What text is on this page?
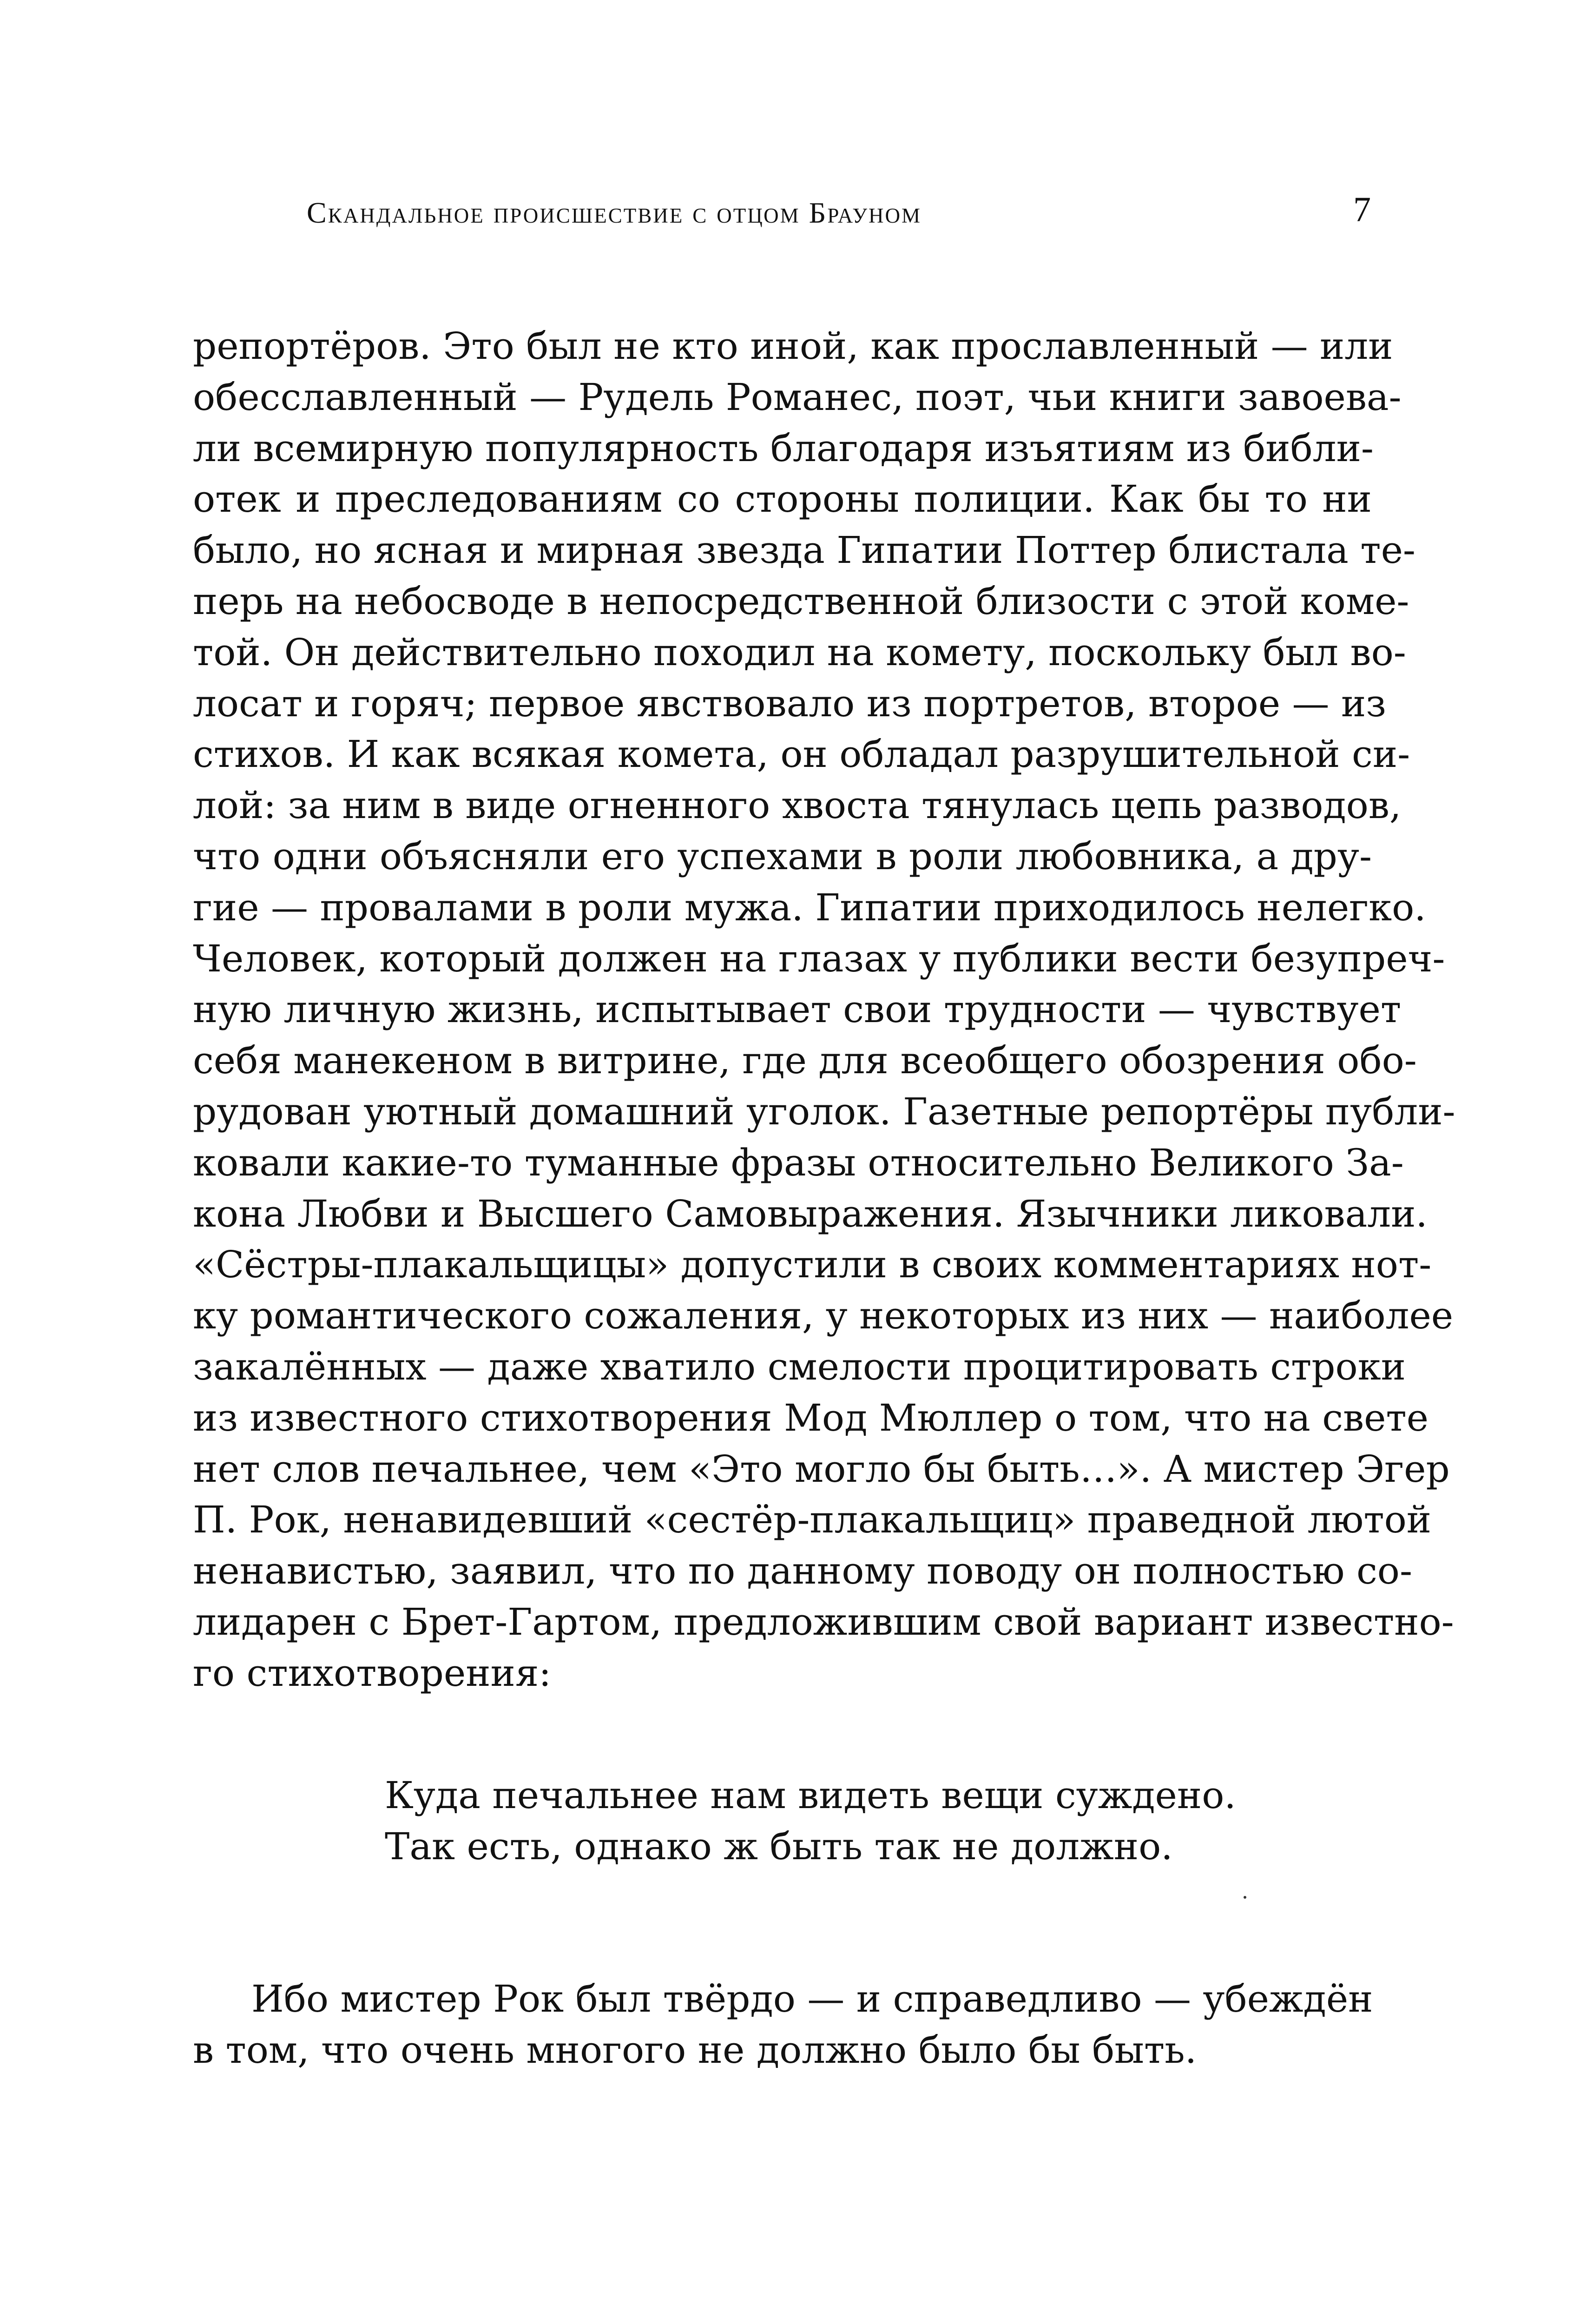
Скандальное происшествие с отцом Брауном	7
репортёров. Это был не кто иной, как прославленный — или
обесславленный — Рудель Романес, поэт, чьи книги завоева-
ли всемирную популярность благодаря изъятиям из библи-
отек и преследованиям со стороны полиции. Как бы то ни
было, но ясная и мирная звезда Гипатии Поттер блистала те-
перь на небосводе в непосредственной близости с этой коме-
той. Он действительно походил на комету, поскольку был во-
лосат и горяч; первое явствовало из портретов, второе — из
стихов. И как всякая комета, он обладал разрушительной си-
лой: за ним в виде огненного хвоста тянулась цепь разводов,
что одни объясняли его успехами в роли любовника, а дру-
гие — провалами в роли мужа. Гипатии приходилось нелегко.
Человек, который должен на глазах у публики вести безупреч-
ную личную жизнь, испытывает свои трудности — чувствует
себя манекеном в витрине, где для всеобщего обозрения обо-
рудован уютный домашний уголок. Газетные репортёры публи-
ковали какие-то туманные фразы относительно Великого За-
кона Любви и Высшего Самовыражения. Язычники ликовали.
«Сёстры-плакальщицы» допустили в своих комментариях нот-
ку романтического сожаления, у некоторых из них — наиболее
закалённых — даже хватило смелости процитировать строки
из известного стихотворения Мод Мюллер о том, что на свете
нет слов печальнее, чем «Это могло бы быть…». А мистер Эгер
П. Рок, ненавидевший «сестёр-плакальщиц» праведной лютой
ненавистью, заявил, что по данному поводу он полностью со-
лидарен с Брет-Гартом, предложившим свой вариант известно-
го стихотворения:
Куда печальнее нам видеть вещи суждено.
Так есть, однако ж быть так не должно.
Ибо мистер Рок был твёрдо — и справедливо — убеждён
в том, что очень многого не должно было бы быть.
